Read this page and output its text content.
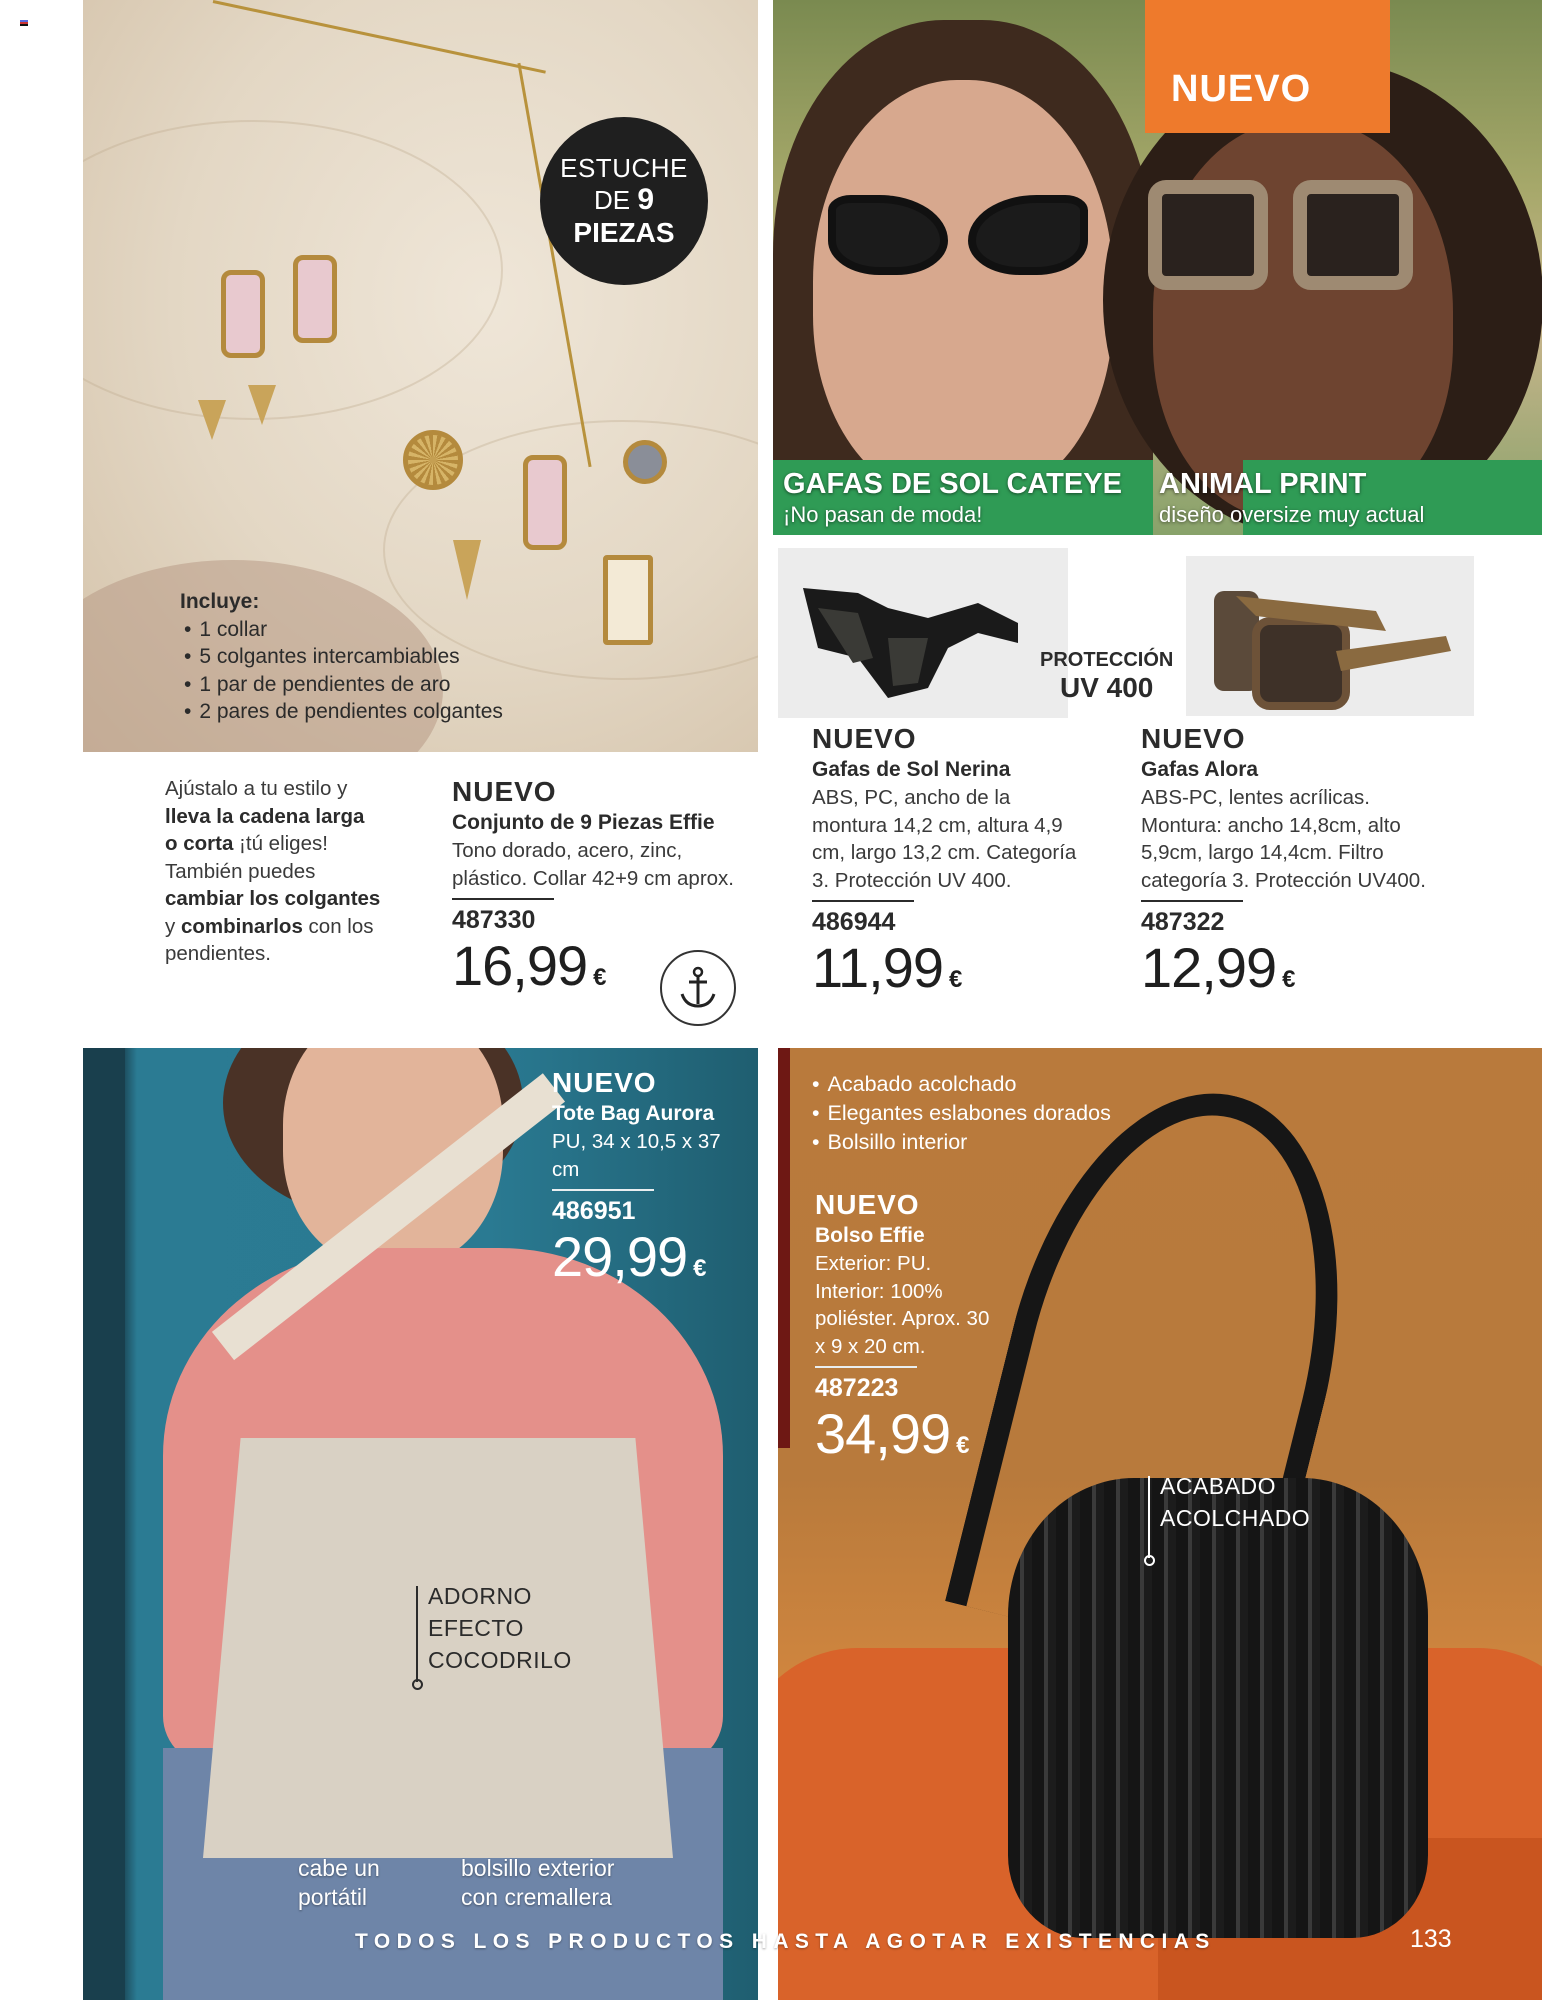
ESTUCHE
DE 9
PIEZAS
Incluye:
• 1 collar
• 5 colgantes intercambiables
• 1 par de pendientes de aro
• 2 pares de pendientes colgantes
Ajústalo a tu estilo y
lleva la cadena larga
o corta ¡tú eliges!
También puedes
cambiar los colgantes
y combinarlos con los
pendientes.
NUEVO
Conjunto de 9 Piezas Effie
Tono dorado, acero, zinc, plástico. Collar 42+9 cm aprox.
487330
16,99 €
NUEVO
GAFAS DE SOL CATEYE
¡No pasan de moda!
ANIMAL PRINT
diseño oversize muy actual
PROTECCIÓN
UV 400
NUEVO
Gafas de Sol Nerina
ABS, PC, ancho de la montura 14,2 cm, altura 4,9 cm, largo 13,2 cm. Categoría 3. Protección UV 400.
486944
11,99 €
NUEVO
Gafas Alora
ABS-PC, lentes acrílicas. Montura: ancho 14,8cm, alto 5,9cm, largo 14,4cm. Filtro categoría 3. Protección UV400.
487322
12,99 €
NUEVO
Tote Bag Aurora
PU, 34 x 10,5 x 37 cm
486951
29,99 €
ADORNO
EFECTO
COCODRILO
cabe un
portátil
bolsillo exterior
con cremallera
• Acabado acolchado
• Elegantes eslabones dorados
• Bolsillo interior
NUEVO
Bolso Effie
Exterior: PU. Interior: 100% poliéster. Aprox. 30 x 9 x 20 cm.
487223
34,99 €
ACABADO
ACOLCHADO
TODOS LOS PRODUCTOS HASTA AGOTAR EXISTENCIAS	133
